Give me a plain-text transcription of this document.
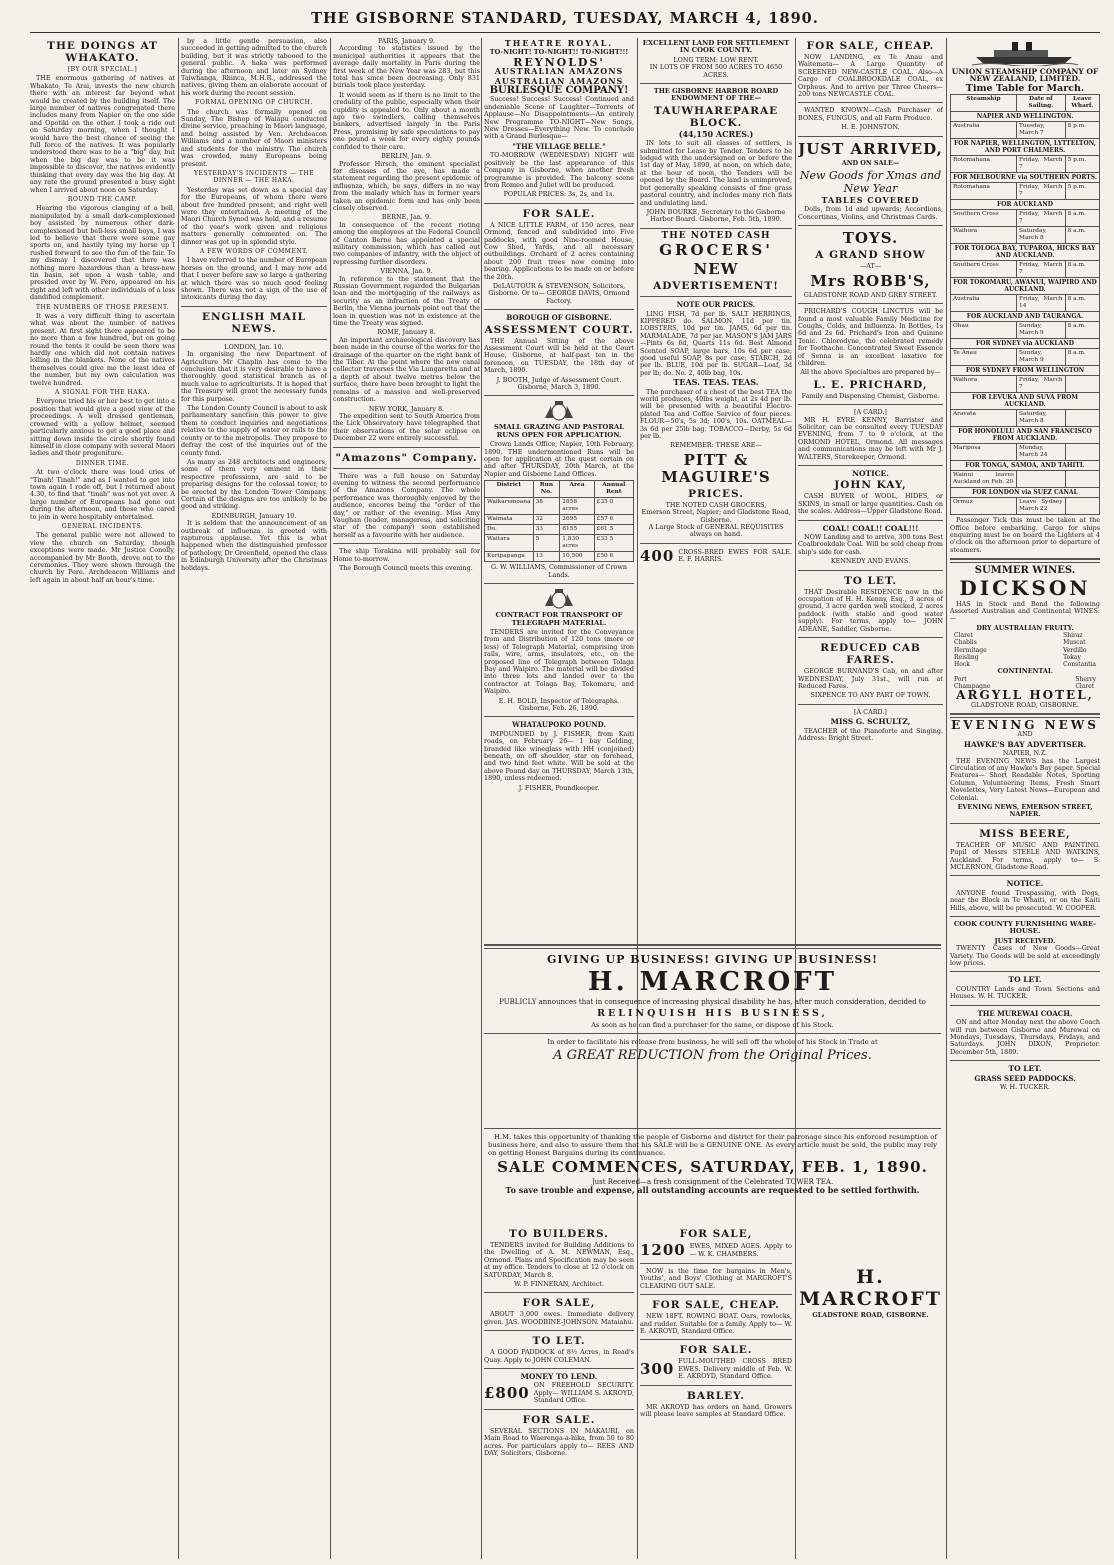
THE GISBORNE STANDARD, TUESDAY, MARCH 4, 1890.
THE DOINGS AT WHAKATO.
[BY OUR SPECIAL.]

THE enormous gathering of natives at Whakato, Te Arai, invests the new church there with an interest far beyond what would be created by the building itself. The large number of natives congregated there includes many from Napier on the one side and Opotiki on the other. I took a ride out on Saturday morning, when I thought I would have the best chance of seeing the full force of the natives. It was popularly understood there was to be a "big" day, but when the big day was to be it was impossible to discover, the natives evidently thinking that every day was the big day. At any rate the ground presented a busy sight when I arrived about noon on Saturday.

ROUND THE CAMP.

Hearing the vigorous clanging of a bell, manipulated by a small dark-complexioned boy assisted by numerous other dark-complexioned but bell-less small boys, I was led to believe that there were some gay sports on, and hastily tying my horse up I rushed forward to see the fun of the fair. To my dismay I discovered that there was nothing more hazardous than a brass-new tin basin, set upon a wash table, and presided over by W. Pere, appeared on his right and left with other individuals of a less dandified complement.

THE NUMBERS OF THOSE PRESENT.

It was a very difficult thing to ascertain what was about the number of natives present. At first sight there appeared to be no more than a few hundred, but on going round the tents it could be seen there was hardly one which did not contain natives lolling in the blankets. None of the natives themselves could give me the least idea of the number, but my own calculation was twelve hundred.

A SIGNAL FOR THE HAKA.

Everyone tried his or her best to get into a position that would give a good view of the proceedings. A well dressed gentleman, crowned with a yellow helmet, seemed particularly anxious to get a good place and sitting down inside the circle shortly found himself in close company with several Maori ladies and their progeniture.

DINNER TIME.

At two o'clock there was loud cries of "Tinah! Tinah!" and as I wanted to get into town again I rode off, but I returned about 4.30, to find that "tinah" was not yet over. A large number of Europeans had gone out during the afternoon, and those who cared to join in were hospitably entertained.

GENERAL INCIDENTS.

The general public were not allowed to view the church on Saturday, though exceptions were made. Mr Justice Conolly, accompanied by Mr Booth, drove out to the ceremonies. They were shown through the church by Pere. Archdeacon Williams and left again in about half an hour's time.

by a little gentle persuasion, also succeeded in getting admitted to the church building, but it was strictly tabooed to the general public. A haka was performed during the afternoon and later on Sydney Taiwhanga, Rhinca, M.H.R., addressed the natives, giving them an elaborate account of his work during the recent session.

FORMAL OPENING OF CHURCH.

The church was formally opened on Sunday, The Bishop of Waiapu conducted divine service, preaching in Maori language, and being assisted by Ven. Archdeacon Williams and a number of Maori ministers and students for the ministry. The church was crowded, many Europeans being present.

YESTERDAY'S INCIDENTS — THE DINNER — THE HAKA.

Yesterday was set down as a special day for the Europeans, of whom there were about five hundred present, and right well were they entertained. A meeting of the Maori Church Synod was held, and a resume of the year's work given and religious matters generally commented on. The dinner was got up in splendid style.

A FEW WORDS OF COMMENT.

I have referred to the number of European horses on the ground, and I may now add that I never before saw so large a gathering at which there was so much good feeling shown. There was not a sign of the use of intoxicants during the day.

ENGLISH MAIL NEWS.
LONDON, Jan. 10.

In organising the new Department of Agriculture Mr Chaplin has come to the conclusion that it is very desirable to have a thoroughly good statistical branch as of much value to agriculturists. It is hoped that the Treasury will grant the necessary funds for this purpose.

The London County Council is about to ask parliamentary sanction this power to give them to conduct inquiries and negotiations relative to the supply of water or rails to the county or to the metropolis. They propose to defray the cost of the inquiries out of the county fund.

As many as 248 architects and engineers, some of them very eminent in their respective professions, are said to be preparing designs for the colossal tower, to be erected by the London Tower Company. Certain of the designs are too unlikely to be good and striking.

EDINBURGH, January 10.

It is seldom that the announcement of an outbreak of influenza is greeted with rapturous applause. Yet this is what happened when the distinguished professor of pathology, Dr Greenfield, opened the class in Edinburgh University after the Christmas holidays.

PARIS, January 9.

According to statistics issued by the municipal authorities it appears that the average daily mortality in Paris during the first week of the New Year was 283, but this total has since been decreasing. Only 831 burials took place yesterday.

It would seem as if there is no limit to the credulity of the public, especially when their cupidity is appealed to. Only about a month ago two swindlers, calling themselves bankers, advertised largely in the Paris Press, promising by safe speculations to pay one pound a week for every eighty pounds confided to their care.

BERLIN, Jan. 9.

Professor Hirsch, the eminent specialist for diseases of the eye, has made a statement regarding the present epidemic of influenza, which, he says, differs in no way from the malady which has in former years taken an epidemic form and has only been closely observed.

BERNE, Jan. 9.

In consequence of the recent rioting among the employees at the Federal Council of Canton Berne has appointed a special military commission, which has called out two companies of infantry, with the object of repressing further disorders.

VIENNA, Jan. 9.

In reference to the statement that the Russian Government regarded the Bulgarian loan and the mortgaging of the railways as security as an infraction of the Treaty of Berlin, the Vienna journals point out that the loan in question was not in existence at the time the Treaty was signed.

ROME, January 8.

An important archaeological discovery has been made in the course of the works for the drainage of the quarter on the right bank of the Tiber. At the point where the new canal collector traverses the Via Lungaretta and at a depth of about twelve metres below the surface, there have been brought to light the remains of a massive and well-preserved construction.

NEW YORK, January 8.

The expedition sent to South America from the Lick Observatory have telegraphed that their observations of the solar eclipse on December 22 were entirely successful.

"Amazons" Company.

There was a full house on Saturday evening to witness the second performance of the Amazons Company. The whole performance was thoroughly enjoyed by the audience, encores being the "order of the day," or rather of the evening. Miss Amy Vaughan (leader, manageress, and soliciting star of the company) soon established herself as a favourite with her audience.

The ship Torakina will probably sail for Home to-morrow.

The Borough Council meets this evening.

THEATRE ROYAL.
TO-NIGHT! TO-NIGHT!! TO-NIGHT!!!
REYNOLDS'
AUSTRALIAN AMAZONS
AUSTRALIAN AMAZONS
BURLESQUE COMPANY!

Success! Success! Success! Continued and undeniable Scene of Laughter—Torrents of Applause—No Disappointments—An entirely New Programme TO-NIGHT—New Songs, New Dresses—Everything New. To conclude with a Grand Burlesque—

"THE VILLAGE BELLE."

TO-MORROW (WEDNESDAY) NIGHT will positively be the last appearance of this Company in Gisborne, when another fresh programme is provided. The balcony scene from Romeo and Juliet will be produced.

POPULAR PRICES: 3s, 2s, and 1s.
FOR SALE.

A NICE LITTLE FARM, of 150 acres, near Ormond, fenced and subdivided into Five paddocks, with good Nine-roomed House, Cow Shed, Yards, and all necessary outbuildings. Orchard of 2 acres containing about 200 fruit trees now coming into bearing. Applications to be made on or before the 20th.

DeLAUTOUR & STEVENSON, Solicitors, Gisborne. Or to— GEORGE DAVIS, Ormond Factory.
BOROUGH OF GISBORNE.
ASSESSMENT COURT.

THE Annual Sitting of the above Assessment Court will be held at the Court House, Gisborne, at half-past ten in the forenoon, on TUESDAY, the 18th day of March, 1890.

J. BOOTH, Judge of Assessment Court. Gisborne, March 3, 1890.
SMALL GRAZING AND PASTORAL RUNS OPEN FOR APPLICATION.

Crown Lands Office, Napier, 10th February, 1890. THE undermentioned Runs will be open for application at the quest certain on and after THURSDAY, 20th March, at the Napier and Gisborne Land Offices.

District	Run No.	Area	Annual Rent
Waikaremoana	38	2858 acres	£35 0
Waimata	32	2695	£57 6
Do.	33	8155	£61 5
Waitara	5	1,830 acres	£33 5
Kuripapanga	13	10,500	£50 6
G. W. WILLIAMS, Commissioner of Crown Lands.
CONTRACT FOR TRANSPORT OF TELEGRAPH MATERIAL.

TENDERS are invited for the Conveyance from and Distribution of 120 tons (more or less) of Telegraph Material, comprising iron rails, wire, arms, insulators, etc., on the proposed line of Telegraph between Tolaga Bay and Waipiro. The material will be divided into three lots and landed over to the contractor at Tolaga Bay, Tokomaru, and Waipiro.

E. H. BOLD, Inspector of Telegraphs. Gisborne, Feb. 26, 1890.
WHATAUPOKO POUND.

IMPOUNDED by J. FISHER, from Kaiti roads, on February 26— 1 bay Gelding, branded like wineglass with HH (conjoined) beneath, on off shoulder, star on forehead, and two hind feet white. Will be sold at the above Pound day on THURSDAY, March 13th, 1890, unless redeemed.

J. FISHER, Poundkeeper.
EXCELLENT LAND FOR SETTLEMENT IN COOK COUNTY.
LONG TERM: LOW RENT.
IN LOTS OF FROM 500 ACRES TO 4650 ACRES.
THE GISBORNE HARBOR BOARD ENDOWMENT OF THE—
TAUWHAREPARAE BLOCK.
(44,150 ACRES.)

IN lots to suit all classes of settlers, is submitted for Lease by Tender. Tenders to be lodged with the undersigned on or before the 1st day of May, 1890, at noon, on which date, at the hour of noon, the Tenders will be opened by the Board. The land is unimproved, but generally speaking consists of fine grass pastoral country, and includes many rich flats and undulating land.

JOHN BOURKE, Secretary to the Gisborne Harbor Board. Gisborne, Feb. 5th, 1890.
THE NOTED CASH
GROCERS'
NEW
ADVERTISEMENT!
NOTE OUR PRICES.

LING FISH, 7d per lb. SALT HERRINGS, KIPPERED do. SALMON, 11d per tin. LOBSTERS, 10d per tin. JAMS, 6d per tin. MARMALADE, 7d per jar. MASON'S JAM JARS—Pints 6s 6d, Quarts 11s 6d. Best Almond Scented SOAP, large bars, 10s 6d per case; good useful SOAP, 8s per case; STARCH, 2d per lb. BLUE, 10d per lb. SUGAR—Loaf, 3d per lb; do. No. 2, 40lb bag, 10s.

TEAS. TEAS. TEAS.

The purchaser of a chest of the best TEA the world produces, 40lbs weight, at 2s 4d per lb. will be presented with a beautiful Electro-plated Tea and Coffee Service of four pieces. FLOUR—50's, 5s 3d; 100's, 10s. OATMEAL—3s 6d per 25lb bag. TOBACCO—Derby, 5s 6d per lb.

REMEMBER: THESE ARE—
PITT & MAGUIRE'S
PRICES.
THE NOTED CASH GROCERS,
Emerson Street, Napier; and Gladstone Road, Gisborne.
A Large Stock of GENERAL REQUISITES always on hand.
400 CROSS-BRED EWES FOR SALE. E. F. HARRIS.
GIVING UP BUSINESS! GIVING UP BUSINESS!
H. MARCROFT
PUBLICLY announces that in consequence of increasing physical disability he has, after much consideration, decided to
RELINQUISH HIS BUSINESS,
As soon as he can find a purchaser for the same, or dispose of his Stock.
In order to facilitate his release from business, he will sell off the whole of his Stock in Trade at
A GREAT REDUCTION from the Original Prices.

H.M. takes this opportunity of thanking the people of Gisborne and district for their patronage since his enforced resumption of business here, and also to assure them that his SALE will be a GENUINE ONE. As every article must be sold, the public may rely on getting Honest Bargains during its continuance.

SALE COMMENCES, SATURDAY, FEB. 1, 1890.
Just Received—a fresh consignment of the Celebrated TOWER TEA.
To save trouble and expense, all outstanding accounts are requested to be settled forthwith.
TO BUILDERS.

TENDERS invited for Building Additions to the Dwelling of A. M. NEWMAN, Esq., Ormond. Plans and Specification may be seen at my office. Tenders to close at 12 o'clock on SATURDAY, March 8.

W. P. FINNERAN, Architect.
FOR SALE,

ABOUT 3,000 ewes. Immediate delivery given. JAS. WOODBINE-JOHNSON. Mataiahu.

TO LET.

A GOOD PADDOCK of 8½ Acres, in Read's Quay. Apply to JOHN COLEMAN.

MONEY TO LEND.
£800 ON FREEHOLD SECURITY. Apply— WILLIAM S. AKROYD, Standard Office.
FOR SALE.

SEVERAL SECTIONS IN MAKAURI, on Main Road to Waerenga-a-hika, from 50 to 80 acres. For particulars apply to— REES AND DAY, Solicitors, Gisborne.

FOR SALE,
1200 EWES, MIXED AGES. Apply to— W. K. CHAMBERS.

NOW is the time for bargains in Men's, Youths', and Boys' Clothing at MARCROFT'S CLEARING OUT SALE.

FOR SALE, CHEAP.

NEW 18FT. ROWING BOAT. Oars, rowlocks, and rudder. Suitable for a family. Apply to— W. E. AKROYD, Standard Office.

FOR SALE.
300 FULL-MOUTHED CROSS BRED EWES. Delivery middle of Feb. W. E. AKROYD, Standard Office.
BARLEY.

MR AKROYD has orders on hand. Growers will please leave samples at Standard Office.

H. MARCROFT
GLADSTONE ROAD, GISBORNE.
FOR SALE, CHEAP.

NOW LANDING, ex Te Anau and Waitemata— A Large Quantity of SCREENED NEW-CASTLE COAL. Also—A Cargo of COALBROOKDALE COAL, ex Orpheus. And to arrive per Three Cheers—200 tons NEWCASTLE COAL.

WANTED KNOWN—Cash Purchaser of BONES, FUNGUS, and all Farm Produce.

H. E. JOHNSTON.
JUST ARRIVED,
AND ON SALE—
New Goods for Xmas and New Year
TABLES COVERED

Dolls, from 1d and upwards; Accordions, Concertinas, Violins, and Christmas Cards.

TOYS.
A GRAND SHOW
—AT—
Mrs ROBB'S,
GLADSTONE ROAD AND GREY STREET.

PRICHARD'S COUGH LINCTUS will be found a most valuable Family Medicine for Coughs, Colds, and Influenza. In Bottles, 1s 6d and 2s 6d. Prichard's Iron and Quinine Tonic. Chlorodyne, the celebrated remedy for Toothache. Concentrated Sweet Essence of Senna is an excellent laxative for children.

All the above Specialties are prepared by—
L. E. PRICHARD,
Family and Dispensing Chemist, Gisborne.
[A CARD.]

MR H. EYRE KENNY, Barrister and Solicitor, can be consulted every TUESDAY EVENING, from 7 to 9 o'clock, at the ORMOND HOTEL, Ormond. All messages and communications may be left with Mr J. WALTERS, Storekeeper, Ormond.

NOTICE.
JOHN KAY,

CASH BUYER of WOOL, HIDES, or SKINS, in small or large quantities. Cash on the scales. Address—Upper Gladstone Road.

COAL! COAL!! COAL!!!

NOW Landing and to arrive, 300 tons Best Coalbrookdale Coal. Will be sold cheap from ship's side for cash.

KENNEDY AND EVANS.
TO LET.

THAT Desirable RESIDENCE now in the occupation of H. H. Kenny, Esq., 3 acres of ground, 3 acre garden well stocked, 2 acres paddock (with stable and good water supply). For terms, apply to— JOHN ADEANE, Saddler, Gisborne.

REDUCED CAB FARES.

GEORGE BURNAND'S Cab, on and after WEDNESDAY, July 31st., will run at Reduced Fares.

SIXPENCE TO ANY PART OF TOWN.
[A CARD.]
MISS G. SCHULTZ,

TEACHER of the Pianoforte and Singing. Address: Bright Street.

UNION STEAMSHIP COMPANY OF NEW ZEALAND, LIMITED.
Time Table for March.
Steamship	Date of Sailing.	Leave Wharf.
NAPIER AND WELLINGTON.		
Australia	Tuesday, March 7	8 p.m.
FOR NAPIER, WELLINGTON, LYTTELTON, AND PORT CHALMERS.		
Rotomahana	Friday, March 7	5 p.m.
FOR MELBOURNE via SOUTHERN PORTS.		
Rotomahana	Friday, March 7	5 p.m.
FOR AUCKLAND		
Southern Cross	Friday, March 7	8 a.m.
Waihora	Saturday, March 8	8 a.m.
FOR TOLOGA BAY, TUPAROA, HICKS BAY AND AUCKLAND.		
Southern Cross	Friday, March 7	8 a.m.
FOR TOKOMARU, AWANUI, WAIPIRO AND AUCKLAND.		
Australia	Friday, March 14	8 a.m.
FOR AUCKLAND AND TAURANGA.		
Ohau	Sunday, March 9	8 a.m.
FOR SYDNEY via AUCKLAND		
Te Anau	Sunday, March 9	8 a.m.
FOR SYDNEY FROM WELLINGTON		
Waihora	Friday, March 7	
FOR LEVUKA AND SUVA FROM AUCKLAND.		
Aravata	Saturday, March 8	
FOR HONOLULU AND SAN FRANCISCO FROM AUCKLAND.		
Mariposa	Monday, March 24	
FOR TONGA, SAMOA, AND TAHITI.		
Wainui leaves Auckland on Feb. 20		
FOR LONDON via SUEZ CANAL		
Ormuz	Leave Sydney March 22	

Passenger Tick this must be taken at the Office before embarking. Cargo for ships enquiring must be on board the Lighters at 4 o'clock on the afternoon prior to departure of steamers.

SUMMER WINES.
DICKSON

HAS in Stock and Bond the following Assorted Australian and Continental WINES:—

DRY AUSTRALIAN FRUITY.
Claret
Chablis
Hermitage
Reisling
Hock
Shiraz
Muscat
Verdillo
Tokay
Constantia
CONTINENTAL
Port
Champagne
Sherry
Claret
ARGYLL HOTEL,
GLADSTONE ROAD, GISBORNE.
EVENING NEWS
AND
HAWKE'S BAY ADVERTISER.
NAPIER, N.Z.

THE EVENING NEWS has the Largest Circulation of any Hawke's Bay paper. Special Features— Short Readable Notes, Sporting Column, Volunteering Items, Fresh Smart Novelettes, Very Latest News—European and Colonial.

EVENING NEWS, EMERSON STREET, NAPIER.
MISS BEERE,

TEACHER OF MUSIC AND PAINTING. Pupil of Messrs STEELE AND WATKINS, Auckland. For terms, apply to— S. MCLERNON, Gladstone Road.

NOTICE.

ANYONE found Trespassing, with Dogs, near the Block in Te Whaiti, or on the Kaiti Hills, above, will be prosecuted. W. COOPER.

COOK COUNTY FURNISHING WARE-HOUSE.
JUST RECEIVED.

TWENTY Cases of New Goods—Great Variety. The Goods will be sold at exceedingly low prices.

TO LET.

COUNTRY Lands and Town Sections and Houses. W. H. TUCKER.

THE MUREWAI COACH.

ON and after Monday next the above Coach will run between Gisborne and Murewai on Mondays, Tuesdays, Thursdays, Fridays, and Saturdays. JOHN DIXON, Proprietor. December 5th, 1889.

TO LET.
GRASS SEED PADDOCKS.
W. H. TUCKER.
